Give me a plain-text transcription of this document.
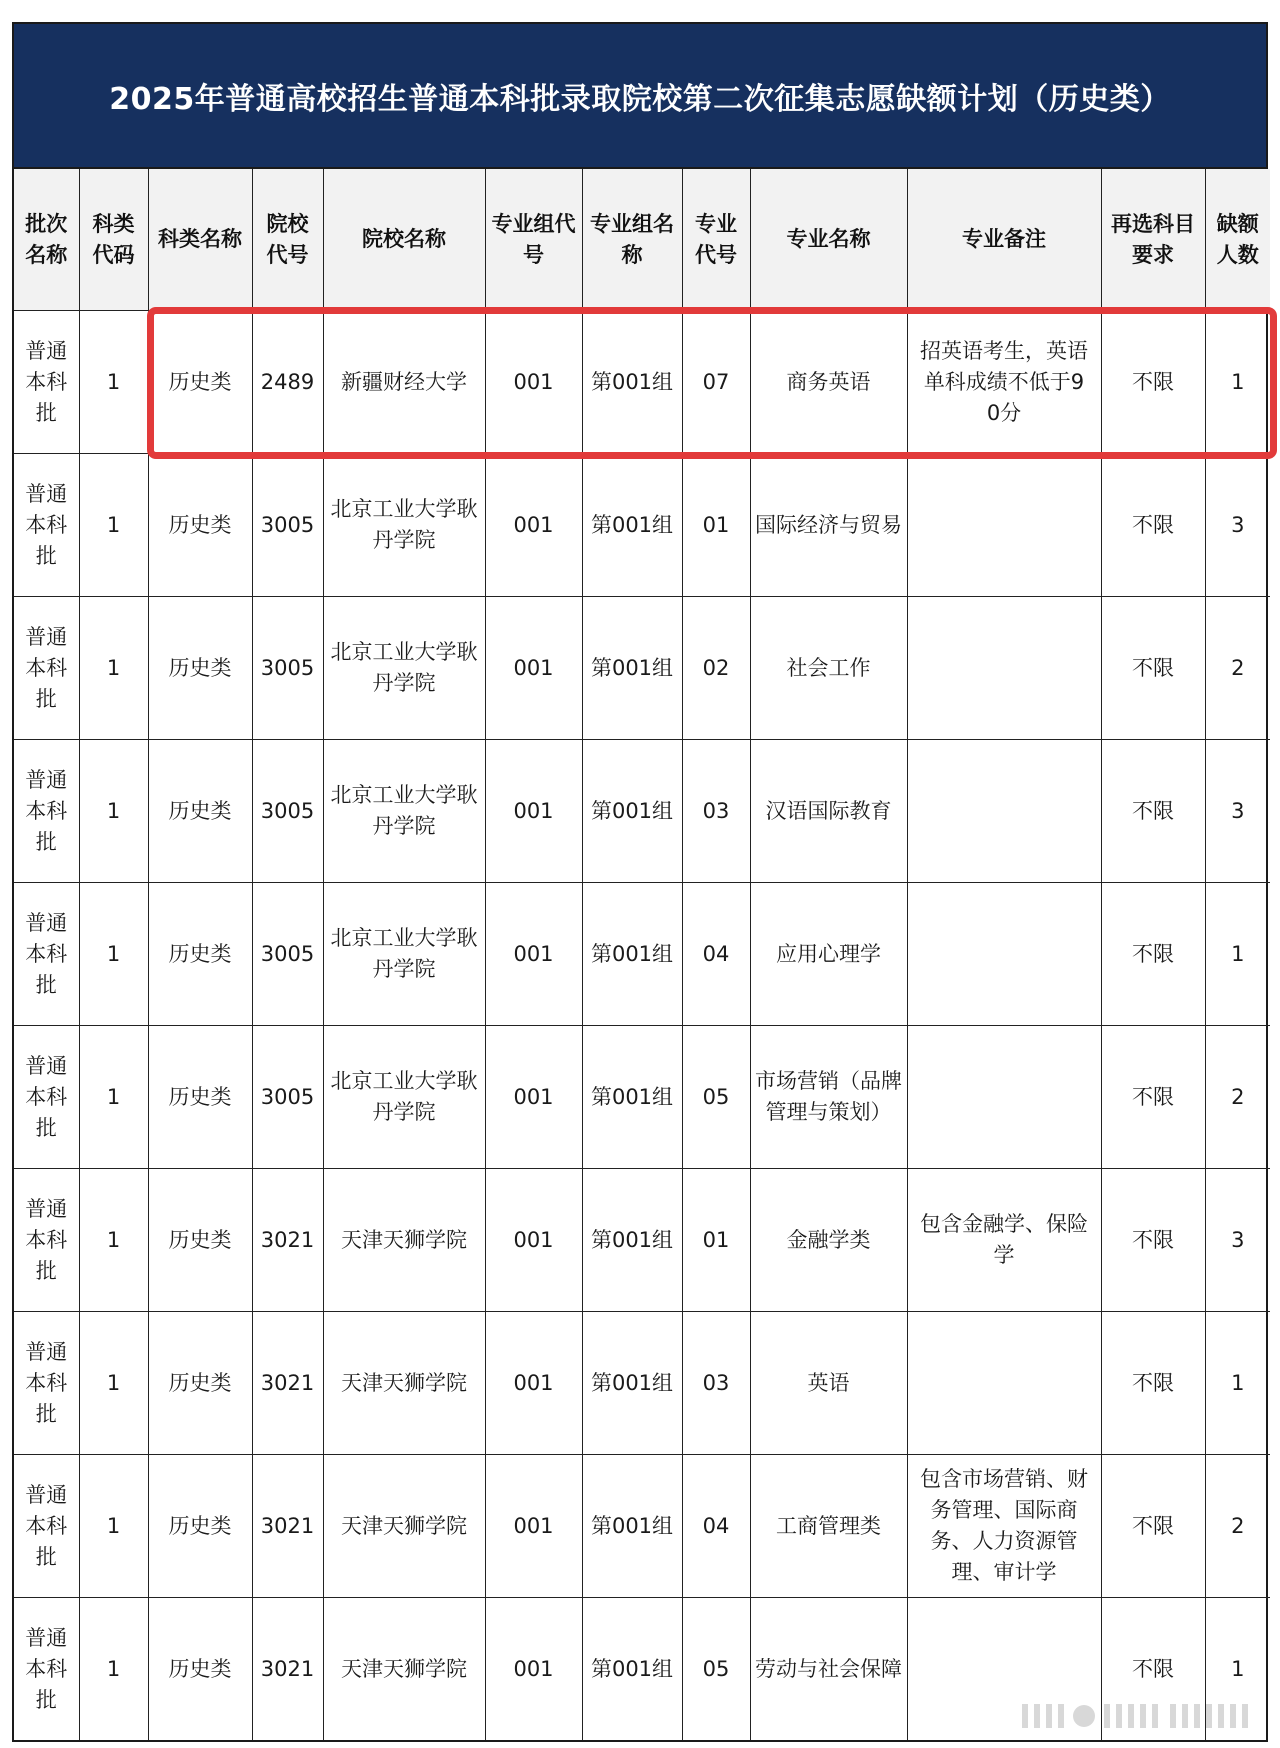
2025年普通高校招生普通本科批录取院校第二次征集志愿缺额计划（历史类）
批次名称	科类代码	科类名称	院校代号	院校名称	专业组代号	专业组名称	专业代号	专业名称	专业备注	再选科目要求	缺额人数
普通本科批	1	历史类	2489	新疆财经大学	001	第001组	07	商务英语	招英语考生，英语单科成绩不低于90分	不限	1
普通本科批	1	历史类	3005	北京工业大学耿丹学院	001	第001组	01	国际经济与贸易		不限	3
普通本科批	1	历史类	3005	北京工业大学耿丹学院	001	第001组	02	社会工作		不限	2
普通本科批	1	历史类	3005	北京工业大学耿丹学院	001	第001组	03	汉语国际教育		不限	3
普通本科批	1	历史类	3005	北京工业大学耿丹学院	001	第001组	04	应用心理学		不限	1
普通本科批	1	历史类	3005	北京工业大学耿丹学院	001	第001组	05	市场营销（品牌管理与策划）		不限	2
普通本科批	1	历史类	3021	天津天狮学院	001	第001组	01	金融学类	包含金融学、保险学	不限	3
普通本科批	1	历史类	3021	天津天狮学院	001	第001组	03	英语		不限	1
普通本科批	1	历史类	3021	天津天狮学院	001	第001组	04	工商管理类	包含市场营销、财务管理、国际商务、人力资源管理、审计学	不限	2
普通本科批	1	历史类	3021	天津天狮学院	001	第001组	05	劳动与社会保障		不限	1
